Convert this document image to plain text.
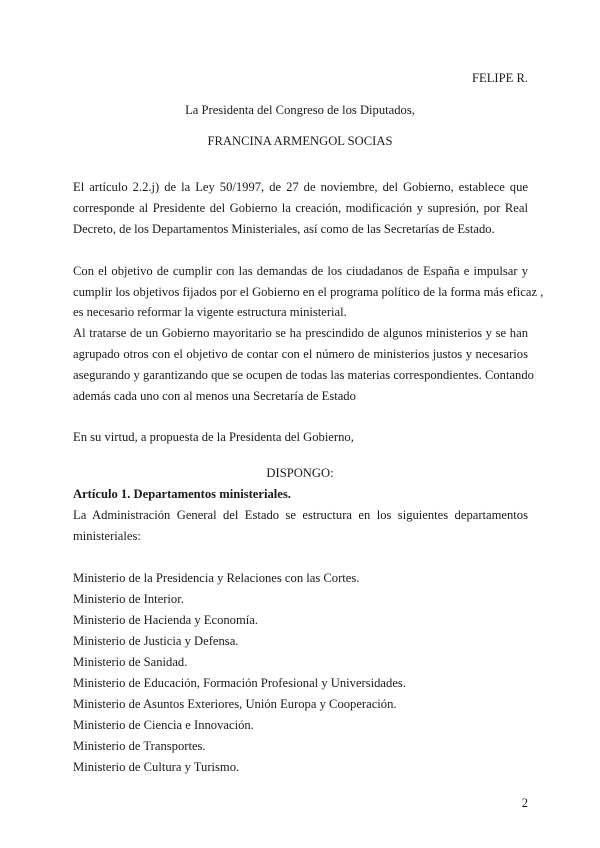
FELIPE R.
La Presidenta del Congreso de los Diputados,
FRANCINA ARMENGOL SOCIAS
El artículo 2.2.j) de la Ley 50/1997, de 27 de noviembre, del Gobierno, establece que
corresponde al Presidente del Gobierno la creación, modificación y supresión, por Real
Decreto, de los Departamentos Ministeriales, así como de las Secretarías de Estado.
Con el objetivo de cumplir con las demandas de los ciudadanos de España e impulsar y
cumplir los objetivos fijados por el Gobierno en el programa político de la forma más eficaz ,
es necesario reformar la vigente estructura ministerial.
Al tratarse de un Gobierno mayoritario se ha prescindido de algunos ministerios y se han
agrupado otros con el objetivo de contar con el número de ministerios justos y necesarios
asegurando y garantizando que se ocupen de todas las materias correspondientes. Contando
además cada uno con al menos una Secretaría de Estado
En su virtud, a propuesta de la Presidenta del Gobierno,
DISPONGO:
Artículo 1. Departamentos ministeriales.
La Administración General del Estado se estructura en los siguientes departamentos
ministeriales:
Ministerio de la Presidencia y Relaciones con las Cortes.
Ministerio de Interior.
Ministerio de Hacienda y Economía.
Ministerio de Justicia y Defensa.
Ministerio de Sanidad.
Ministerio de Educación, Formación Profesional y Universidades.
Ministerio de Asuntos Exteriores, Unión Europa y Cooperación.
Ministerio de Ciencia e Innovación.
Ministerio de Transportes.
Ministerio de Cultura y Turismo.
2
